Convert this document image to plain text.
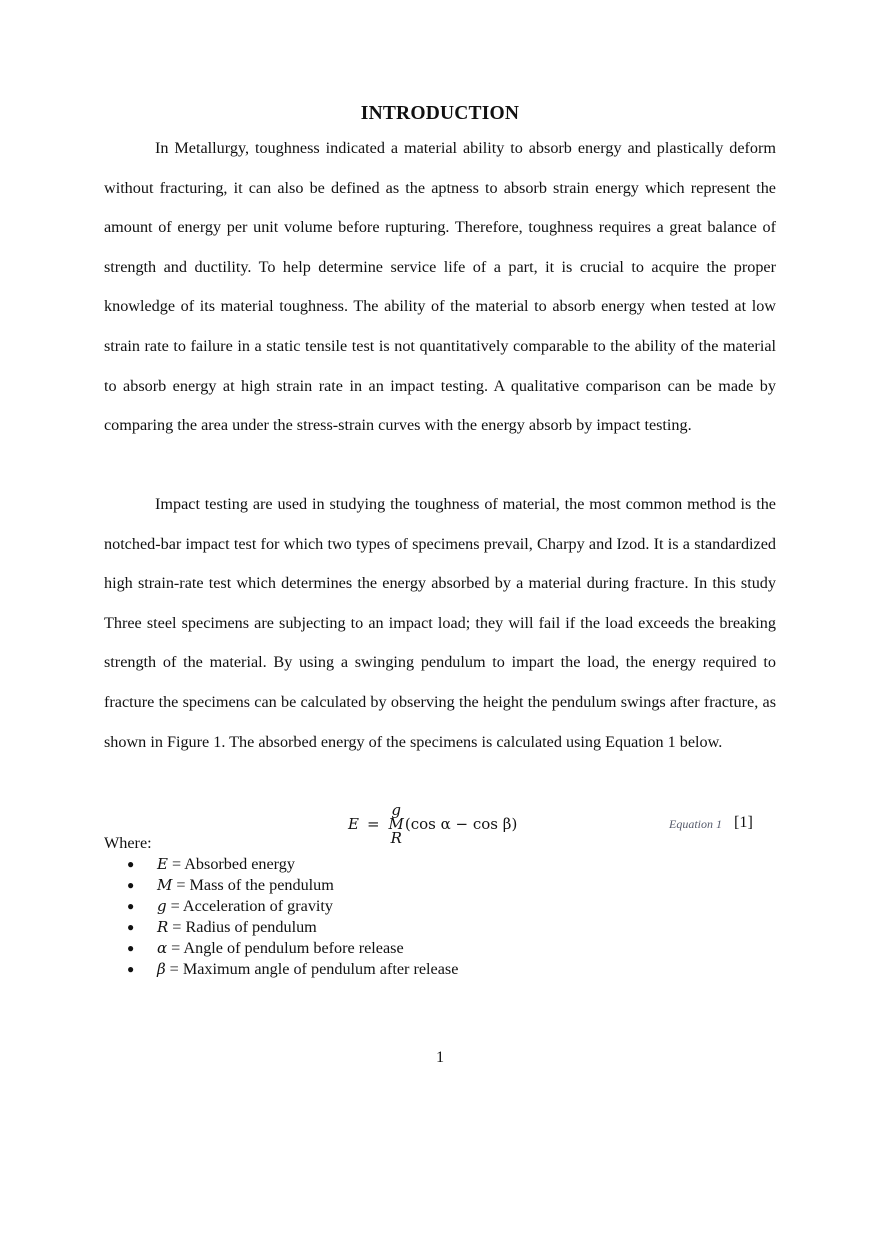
INTRODUCTION

In Metallurgy, toughness indicated a material ability to absorb energy and plastically deform without fracturing, it can also be defined as the aptness to absorb strain energy which represent the amount of energy per unit volume before rupturing. Therefore, toughness requires a great balance of strength and ductility. To help determine service life of a part, it is crucial to acquire the proper knowledge of its material toughness. The ability of the material to absorb energy when tested at low strain rate to failure in a static tensile test is not quantitatively comparable to the ability of the material to absorb energy at high strain rate in an impact testing. A qualitative comparison can be made by comparing the area under the stress-strain curves with the energy absorb by impact testing.

Impact testing are used in studying the toughness of material, the most common method is the notched-bar impact test for which two types of specimens prevail, Charpy and Izod. It is a standardized high strain-rate test which determines the energy absorbed by a material during fracture. In this study Three steel specimens are subjecting to an impact load; they will fail if the load exceeds the breaking strength of the material. By using a swinging pendulum to impart the load, the energy required to fracture the specimens can be calculated by observing the height the pendulum swings after fracture, as shown in Figure 1. The absorbed energy of the specimens is calculated using Equation 1 below.

E =
g
M
R
(cos α − cos β)	Equation 1 [1]
Where:
●	E = Absorbed energy
●	M = Mass of the pendulum
●	g = Acceleration of gravity
●	R = Radius of pendulum
●	α = Angle of pendulum before release
●	β = Maximum angle of pendulum after release
1
